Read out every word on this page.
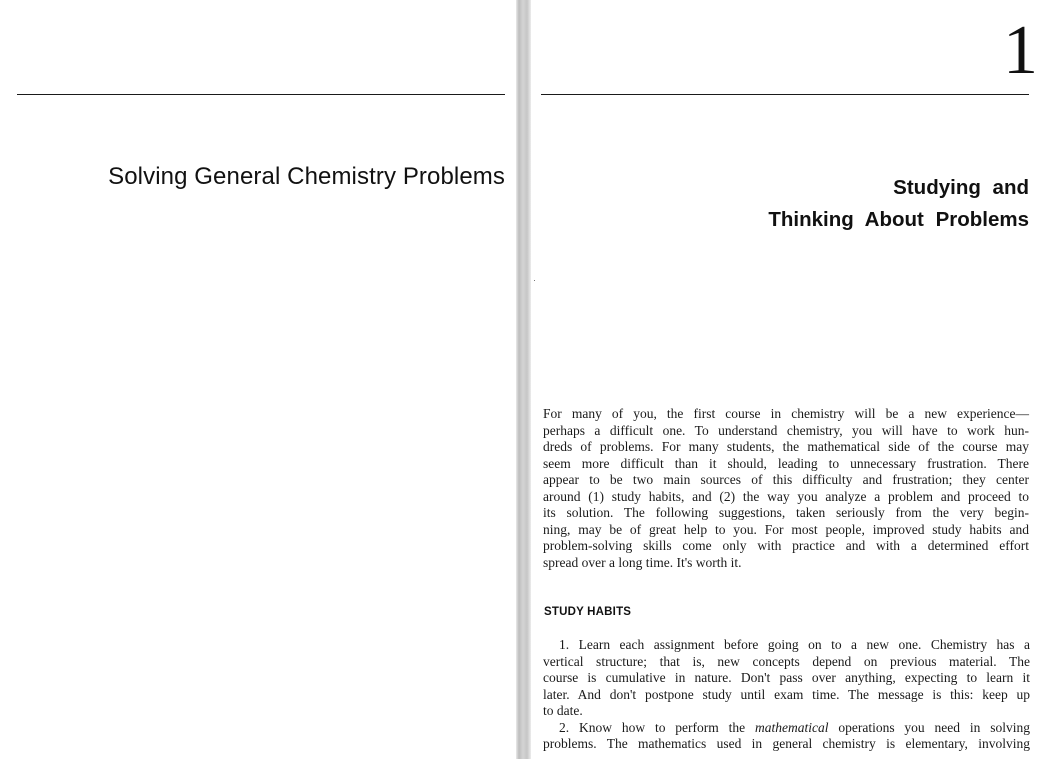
Solving General Chemistry Problems
1
Studying and
Thinking About Problems
For many of you, the first course in chemistry will be a new experience—
perhaps a difficult one. To understand chemistry, you will have to work hun-
dreds of problems. For many students, the mathematical side of the course may
seem more difficult than it should, leading to unnecessary frustration. There
appear to be two main sources of this difficulty and frustration; they center
around (1) study habits, and (2) the way you analyze a problem and proceed to
its solution. The following suggestions, taken seriously from the very begin-
ning, may be of great help to you. For most people, improved study habits and
problem-solving skills come only with practice and with a determined effort
spread over a long time. It's worth it.
STUDY HABITS
1. Learn each assignment before going on to a new one. Chemistry has a
vertical structure; that is, new concepts depend on previous material. The
course is cumulative in nature. Don't pass over anything, expecting to learn it
later. And don't postpone study until exam time. The message is this: keep up
to date.
2. Know how to perform the mathematical operations you need in solving
problems. The mathematics used in general chemistry is elementary, involving
